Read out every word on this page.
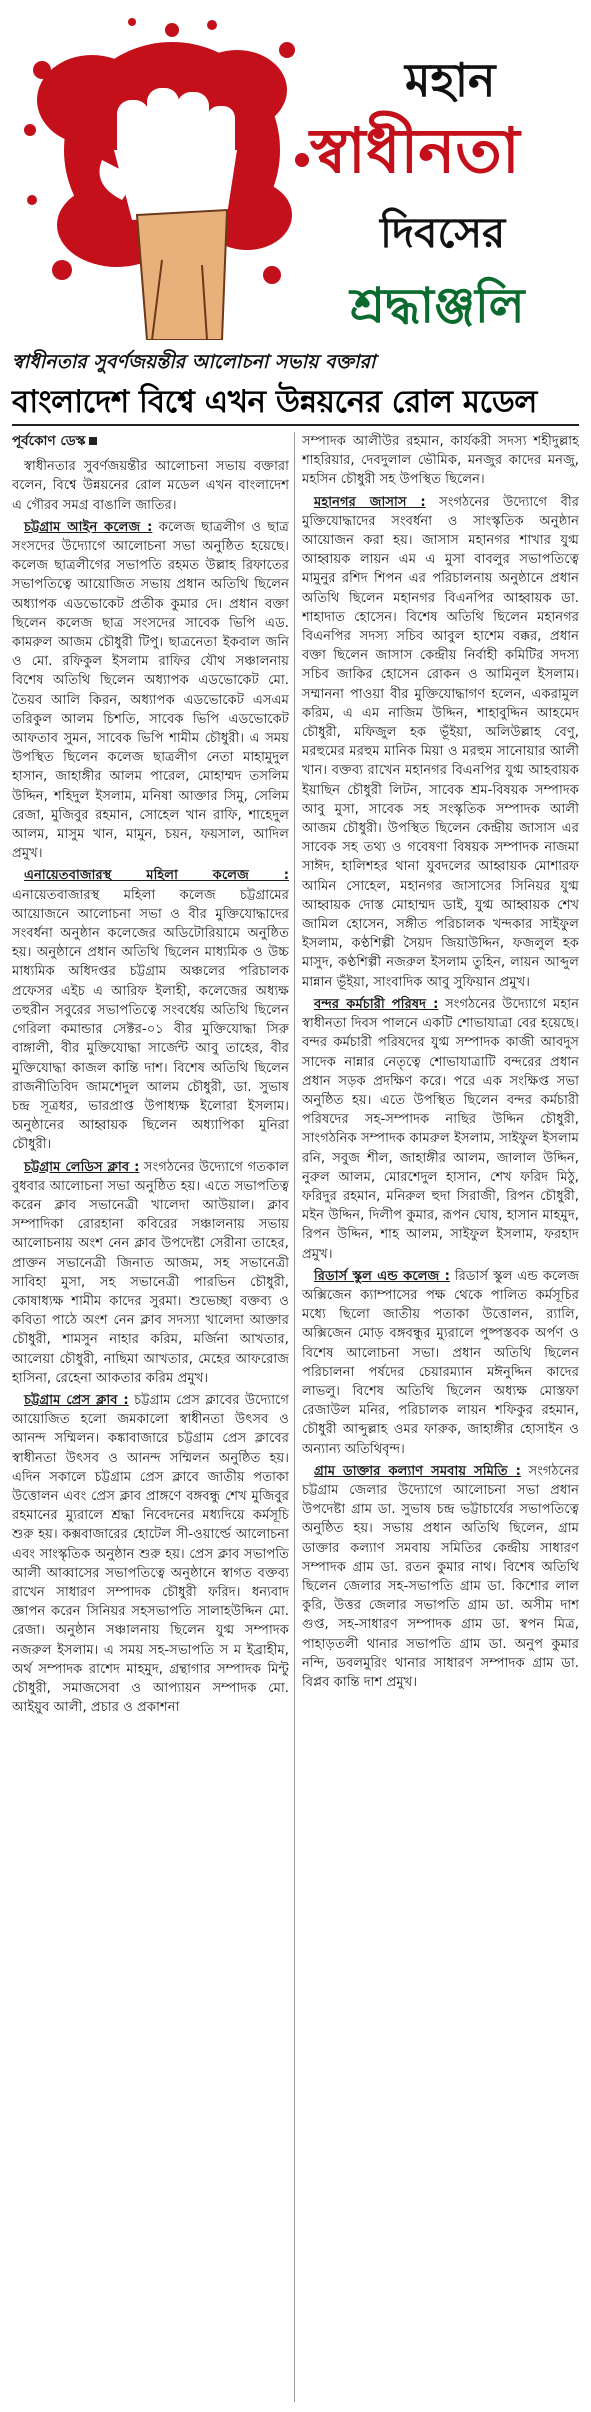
মহান
স্বাধীনতা
দিবসের
শ্রদ্ধাঞ্জলি
স্বাধীনতার সুবর্ণজয়ন্তীর আলোচনা সভায় বক্তারা
বাংলাদেশ বিশ্বে এখন উন্নয়নের রোল মডেল
পূর্বকোণ ডেস্ক

স্বাধীনতার সুবর্ণজয়ন্তীর আলোচনা সভায় বক্তারা বলেন, বিশ্বে উন্নয়নের রোল মডেল এখন বাংলাদেশ এ গৌরব সমগ্র বাঙালি জাতির।

চট্টগ্রাম আইন কলেজ : কলেজ ছাত্রলীগ ও ছাত্র সংসদের উদ্যোগে আলোচনা সভা অনুষ্ঠিত হয়েছে। কলেজ ছাত্রলীগের সভাপতি রহমত উল্লাহ রিফাতের সভাপতিত্বে আয়োজিত সভায় প্রধান অতিথি ছিলেন অধ্যাপক এডভোকেট প্রতীক কুমার দে। প্রধান বক্তা ছিলেন কলেজ ছাত্র সংসদের সাবেক ভিপি এড. কামরুল আজম চৌধুরী টিপু। ছাত্রনেতা ইকবাল জনি ও মো. রফিকুল ইসলাম রাফির যৌথ সঞ্চালনায় বিশেষ অতিথি ছিলেন অধ্যাপক এডভোকেট মো. তৈয়ব আলি কিরন, অধ্যাপক এডভোকেট এসএম তরিকুল আলম চিশতি, সাবেক ভিপি এডভোকেট আফতাব সুমন, সাবেক ভিপি শামীম চৌধুরী। এ সময় উপস্থিত ছিলেন কলেজ ছাত্রলীগ নেতা মাহামুদুল হাসান, জাহাঙ্গীর আলম পারেল, মোহাম্মদ তসলিম উদ্দিন, শহিদুল ইসলাম, মনিষা আক্তার সিমু, সেলিম রেজা, মুজিবুর রহমান, সোহেল খান রাফি, শাহেদুল আলম, মাসুম খান, মামুন, চয়ন, ফয়সাল, আদিল প্রমুখ।

এনায়েতবাজারস্থ মহিলা কলেজ : এনায়েতবাজারস্থ মহিলা কলেজ চট্টগ্রামের আয়োজনে আলোচনা সভা ও বীর মুক্তিযোদ্ধাদের সংবর্ধনা অনুষ্ঠান কলেজের অডিটোরিয়ামে অনুষ্ঠিত হয়। অনুষ্ঠানে প্রধান অতিথি ছিলেন মাধ্যমিক ও উচ্চ মাধ্যমিক অধিদপ্তর চট্টগ্রাম অঞ্চলের পরিচালক প্রফেসর এইচ এ আরিফ ইলাহী, কলেজের অধ্যক্ষ তহুরীন সবুরের সভাপতিত্বে সংবর্ধেয় অতিথি ছিলেন গেরিলা কমান্ডার সেক্টর-০১ বীর মুক্তিযোদ্ধা সিরু বাঙ্গালী, বীর মুক্তিযোদ্ধা সার্জেন্ট আবু তাহের, বীর মুক্তিযোদ্ধা কাজল কান্তি দাশ। বিশেষ অতিথি ছিলেন রাজনীতিবিদ জামশেদুল আলম চৌধুরী, ডা. সুভাষ চন্দ্র সূত্রধর, ভারপ্রাপ্ত উপাধ্যক্ষ ইলোরা ইসলাম। অনুষ্ঠানের আহ্বায়ক ছিলেন অধ্যাপিকা মুনিরা চৌধুরী।

চট্টগ্রাম লেডিস ক্লাব : সংগঠনের উদ্যোগে গতকাল বুধবার আলোচনা সভা অনুষ্ঠিত হয়। এতে সভাপতিত্ব করেন ক্লাব সভানেত্রী খালেদা আউয়াল। ক্লাব সম্পাদিকা রোরহানা কবিরের সঞ্চালনায় সভায় আলোচনায় অংশ নেন ক্লাব উপদেষ্টা সেরীনা তাহের, প্রাক্তন সভানেত্রী জিনাত আজম, সহ সভানেত্রী সাবিহা মুসা, সহ সভানেত্রী পারভিন চৌধুরী, কোষাধ্যক্ষ শামীম কাদের সুরমা। শুভেচ্ছা বক্তব্য ও কবিতা পাঠে অংশ নেন ক্লাব সদস্যা খালেদা আক্তার চৌধুরী, শামসুন নাহার করিম, মর্জিনা আখতার, আলেয়া চৌধুরী, নাছিমা আখতার, মেহের আফরোজ হাসিনা, রেহেনা আকতার করিম প্রমুখ।

চট্টগ্রাম প্রেস ক্লাব : চট্টগ্রাম প্রেস ক্লাবের উদ্যোগে আয়োজিত হলো জমকালো স্বাধীনতা উৎসব ও আনন্দ সম্মিলন। কঙ্কাবাজারে চট্টগ্রাম প্রেস ক্লাবের স্বাধীনতা উৎসব ও আনন্দ সম্মিলন অনুষ্ঠিত হয়। এদিন সকালে চট্টগ্রাম প্রেস ক্লাবে জাতীয় পতাকা উত্তোলন এবং প্রেস ক্লাব প্রাঙ্গণে বঙ্গবন্ধু শেখ মুজিবুর রহমানের ম্যুরালে শ্রদ্ধা নিবেদনের মধ্যদিয়ে কর্মসূচি শুরু হয়। কক্সবাজারের হোটেল সী-ওয়ার্ল্ডে আলোচনা এবং সাংস্কৃতিক অনুষ্ঠান শুরু হয়। প্রেস ক্লাব সভাপতি আলী আব্বাসের সভাপতিত্বে অনুষ্ঠানে স্বাগত বক্তব্য রাখেন সাধারণ সম্পাদক চৌধুরী ফরিদ। ধন্যবাদ জ্ঞাপন করেন সিনিয়র সহসভাপতি সালাহউদ্দিন মো. রেজা। অনুষ্ঠান সঞ্চালনায় ছিলেন যুগ্ম সম্পাদক নজরুল ইসলাম। এ সময় সহ-সভাপতি স ম ইব্রাহীম, অর্থ সম্পাদক রাশেদ মাহমুদ, গ্রন্থাগার সম্পাদক মিন্টু চৌধুরী, সমাজসেবা ও আপ্যায়ন সম্পাদক মো. আইয়ুব আলী, প্রচার ও প্রকাশনা

সম্পাদক আলীউর রহমান, কার্যকরী সদস্য শহীদুল্লাহ শাহরিয়ার, দেবদুলাল ভৌমিক, মনজুর কাদের মনজু, মহসিন চৌধুরী সহ উপস্থিত ছিলেন।

মহানগর জাসাস : সংগঠনের উদ্যোগে বীর মুক্তিযোদ্ধাদের সংবর্ধনা ও সাংস্কৃতিক অনুষ্ঠান আয়োজন করা হয়। জাসাস মহানগর শাখার যুগ্ম আহ্বায়ক লায়ন এম এ মুসা বাবলুর সভাপতিত্বে মামুনুর রশিদ শিপন এর পরিচালনায় অনুষ্ঠানে প্রধান অতিথি ছিলেন মহানগর বিএনপির আহ্বায়ক ডা. শাহাদাত হোসেন। বিশেষ অতিথি ছিলেন মহানগর বিএনপির সদস্য সচিব আবুল হাশেম বক্কর, প্রধান বক্তা ছিলেন জাসাস কেন্দ্রীয় নির্বাহী কমিটির সদস্য সচিব জাকির হোসেন রোকন ও আমিনুল ইসলাম। সম্মাননা পাওয়া বীর মুক্তিযোদ্ধাগণ হলেন, একরামুল করিম, এ এম নাজিম উদ্দিন, শাহাবুদ্দিন আহমেদ চৌধুরী, মফিজুল হক ভূঁইয়া, অলিউল্লাহ বেণু, মরহুমের মরহুম মানিক মিয়া ও মরহুম সানোয়ার আলী খান। বক্তব্য রাখেন মহানগর বিএনপির যুগ্ম আহবায়ক ইয়াছিন চৌধুরী লিটন, সাবেক শ্রম-বিষয়ক সম্পাদক আবু মুসা, সাবেক সহ সংস্কৃতিক সম্পাদক আলী আজম চৌধুরী। উপস্থিত ছিলেন কেন্দ্রীয় জাসাস এর সাবেক সহ তথ্য ও গবেষণা বিষয়ক সম্পাদক নাজমা সাঈদ, হালিশহর থানা যুবদলের আহ্বায়ক মোশারফ আমিন সোহেল, মহানগর জাসাসের সিনিয়র যুগ্ম আহ্বায়ক দোস্ত মোহাম্মদ ডাই, যুগ্ম আহ্বায়ক শেখ জামিল হোসেন, সঙ্গীত পরিচালক খন্দকার সাইফুল ইসলাম, কণ্ঠশিল্পী সৈয়দ জিয়াউদ্দিন, ফজলুল হক মাসুদ, কণ্ঠশিল্পী নজরুল ইসলাম তুহিন, লায়ন আব্দুল মান্নান ভূঁইয়া, সাংবাদিক আবু সুফিয়ান প্রমুখ।

বন্দর কর্মচারী পরিষদ : সংগঠনের উদ্যোগে মহান স্বাধীনতা দিবস পালনে একটি শোভাযাত্রা বের হয়েছে। বন্দর কর্মচারী পরিষদের যুগ্ম সম্পাদক কাজী আবদুস সাদেক নান্নার নেতৃত্বে শোভাযাত্রাটি বন্দরের প্রধান প্রধান সড়ক প্রদক্ষিণ করে। পরে এক সংক্ষিপ্ত সভা অনুষ্ঠিত হয়। এতে উপস্থিত ছিলেন বন্দর কর্মচারী পরিষদের সহ-সম্পাদক নাছির উদ্দিন চৌধুরী, সাংগঠনিক সম্পাদক কামরুল ইসলাম, সাইফুল ইসলাম রনি, সবুজ শীল, জাহাঙ্গীর আলম, জালাল উদ্দিন, নুরুল আলম, মোরশেদুল হাসান, শেখ ফরিদ মিঠু, ফরিদুর রহমান, মনিরুল হুদা সিরাজী, রিপন চৌধুরী, মইন উদ্দিন, দিলীপ কুমার, রূপন ঘোষ, হাসান মাহমুদ, রিপন উদ্দিন, শাহ আলম, সাইফুল ইসলাম, ফরহাদ প্রমুখ।

রিডার্স স্কুল এন্ড কলেজ : রিডার্স স্কুল এন্ড কলেজ অক্সিজেন ক্যাম্পাসের পক্ষ থেকে পালিত কর্মসূচির মধ্যে ছিলো জাতীয় পতাকা উত্তোলন, র‍্যালি, অক্সিজেন মোড় বঙ্গবন্ধুর ম্যুরালে পুষ্পস্তবক অর্পণ ও বিশেষ আলোচনা সভা। প্রধান অতিথি ছিলেন পরিচালনা পর্ষদের চেয়ারম্যান মঈনুদ্দিন কাদের লাভলু। বিশেষ অতিথি ছিলেন অধ্যক্ষ মোস্তফা রেজাউল মনির, পরিচালক লায়ন শফিকুর রহমান, চৌধুরী আব্দুল্লাহ ওমর ফারুক, জাহাঙ্গীর হোসাইন ও অন্যান্য অতিথিবৃন্দ।

গ্রাম ডাক্তার কল্যাণ সমবায় সমিতি : সংগঠনের চট্টগ্রাম জেলার উদ্যোগে আলোচনা সভা প্রধান উপদেষ্টা গ্রাম ডা. সুভাষ চন্দ্র ভট্টাচার্যের সভাপতিত্বে অনুষ্ঠিত হয়। সভায় প্রধান অতিথি ছিলেন, গ্রাম ডাক্তার কল্যাণ সমবায় সমিতির কেন্দ্রীয় সাধারণ সম্পাদক গ্রাম ডা. রতন কুমার নাথ। বিশেষ অতিথি ছিলেন জেলার সহ-সভাপতি গ্রাম ডা. কিশোর লাল কুরি, উত্তর জেলার সভাপতি গ্রাম ডা. অসীম দাশ গুপ্ত, সহ-সাধারণ সম্পাদক গ্রাম ডা. স্বপন মিত্র, পাহাড়তলী থানার সভাপতি গ্রাম ডা. অনুপ কুমার নন্দি, ডবলমুরিং থানার সাধারণ সম্পাদক গ্রাম ডা. বিপ্লব কান্তি দাশ প্রমুখ।
